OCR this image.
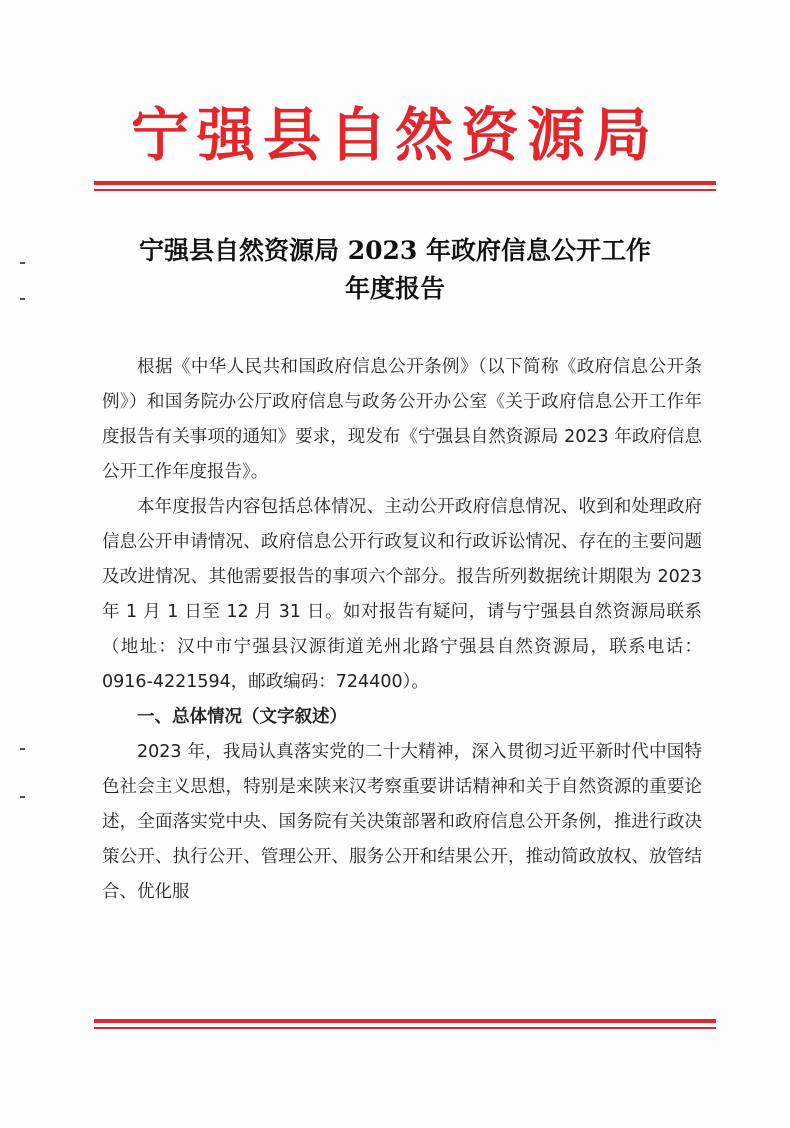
宁强县自然资源局
宁强县自然资源局 2023 年政府信息公开工作
年度报告

根据《中华人民共和国政府信息公开条例》（以下简称《政府信息公开条例》）和国务院办公厅政府信息与政务公开办公室《关于政府信息公开工作年度报告有关事项的通知》要求，现发布《宁强县自然资源局 2023 年政府信息公开工作年度报告》。

本年度报告内容包括总体情况、主动公开政府信息情况、收到和处理政府信息公开申请情况、政府信息公开行政复议和行政诉讼情况、存在的主要问题及改进情况、其他需要报告的事项六个部分。报告所列数据统计期限为 2023 年 1 月 1 日至 12 月 31 日。如对报告有疑问，请与宁强县自然资源局联系（地址：汉中市宁强县汉源街道羌州北路宁强县自然资源局，联系电话：0916-4221594，邮政编码：724400）。

一、总体情况（文字叙述）

2023 年，我局认真落实党的二十大精神，深入贯彻习近平新时代中国特色社会主义思想，特别是来陕来汉考察重要讲话精神和关于自然资源的重要论述，全面落实党中央、国务院有关决策部署和政府信息公开条例，推进行政决策公开、执行公开、管理公开、服务公开和结果公开，推动简政放权、放管结合、优化服
